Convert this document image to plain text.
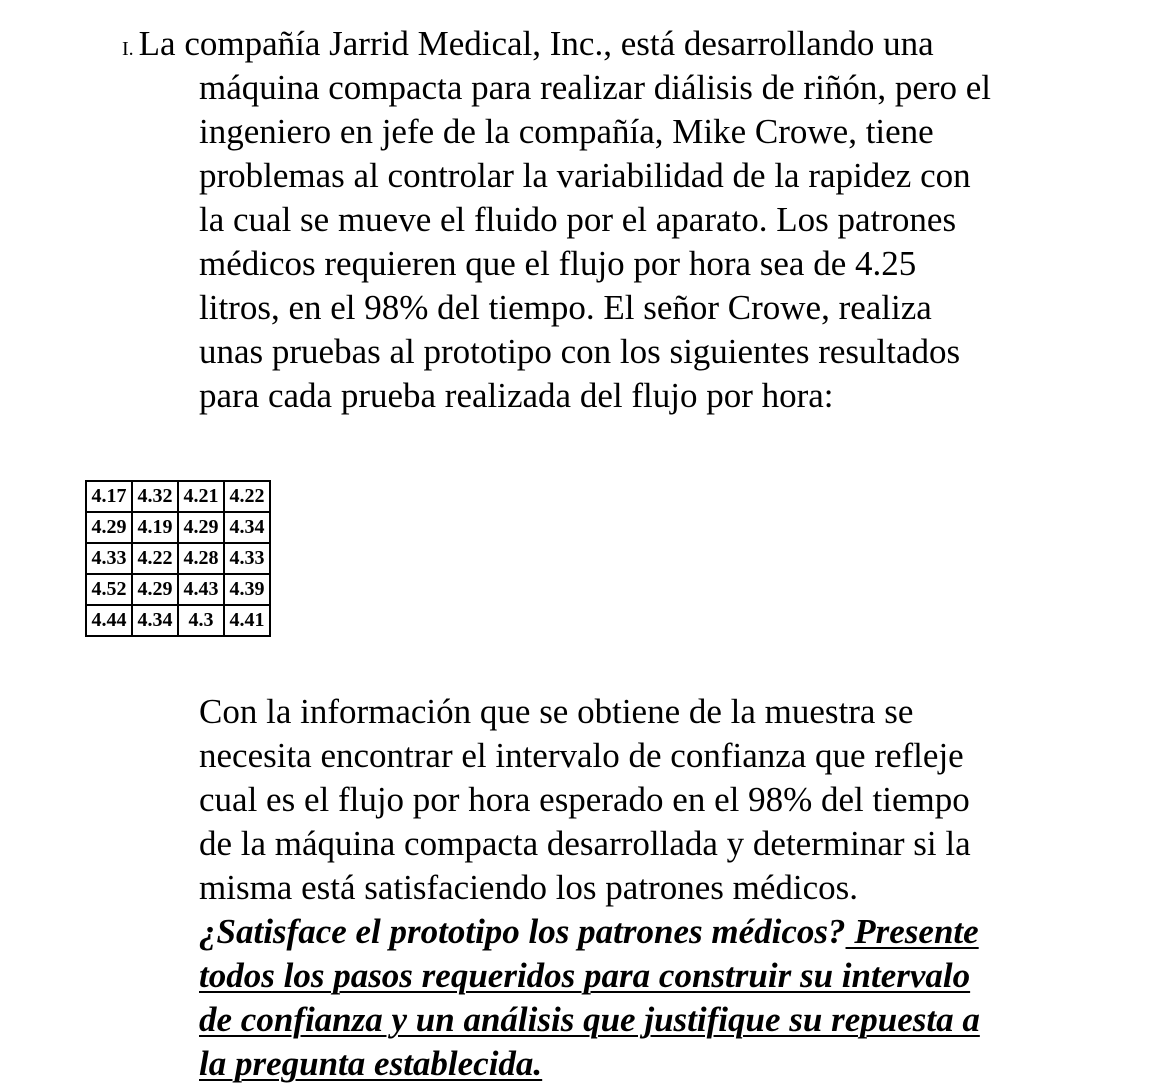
I. La compañía Jarrid Medical, Inc., está desarrollando una
máquina compacta para realizar diálisis de riñón, pero el
ingeniero en jefe de la compañía, Mike Crowe, tiene
problemas al controlar la variabilidad de la rapidez con
la cual se mueve el fluido por el aparato. Los patrones
médicos requieren que el flujo por hora sea de 4.25
litros, en el 98% del tiempo. El señor Crowe, realiza
unas pruebas al prototipo con los siguientes resultados
para cada prueba realizada del flujo por hora:
4.17	4.32	4.21	4.22
4.29	4.19	4.29	4.34
4.33	4.22	4.28	4.33
4.52	4.29	4.43	4.39
4.44	4.34	4.3	4.41
Con la información que se obtiene de la muestra se
necesita encontrar el intervalo de confianza que refleje
cual es el flujo por hora esperado en el 98% del tiempo
de la máquina compacta desarrollada y determinar si la
misma está satisfaciendo los patrones médicos.
¿Satisface el prototipo los patrones médicos? Presente
todos los pasos requeridos para construir su intervalo
de confianza y un análisis que justifique su repuesta a
la pregunta establecida.
